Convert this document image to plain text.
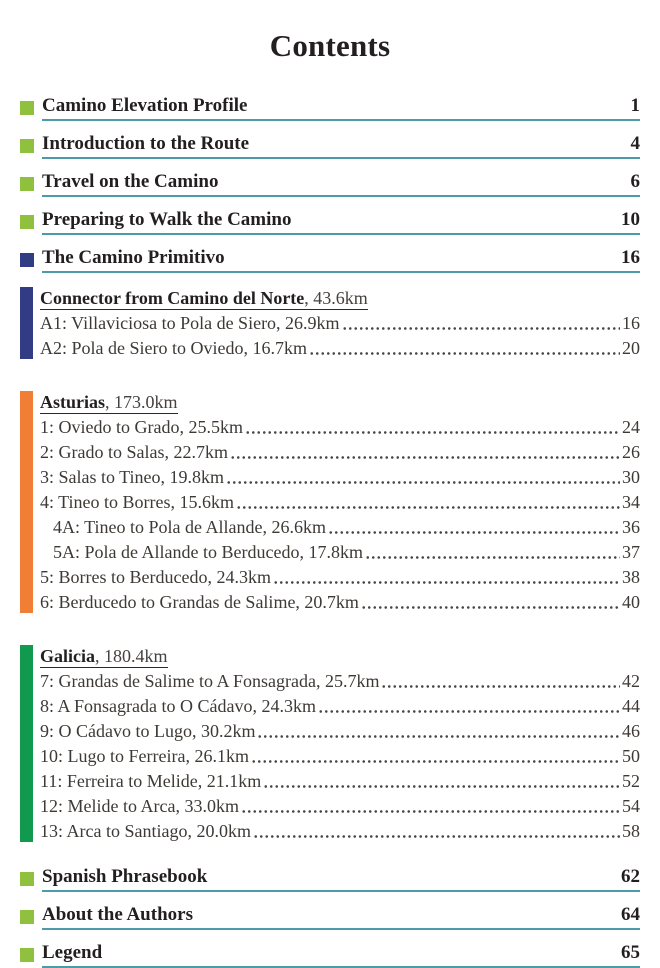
Contents
Camino Elevation Profile	1
Introduction to the Route	4
Travel on the Camino	6
Preparing to Walk the Camino	10
The Camino Primitivo	16
Connector from Camino del Norte, 43.6km
A1: Villaviciosa to Pola de Siero, 26.9km	16
A2: Pola de Siero to Oviedo, 16.7km	20
Asturias, 173.0km
1: Oviedo to Grado, 25.5km	24
2: Grado to Salas, 22.7km	26
3: Salas to Tineo, 19.8km	30
4: Tineo to Borres, 15.6km	34
4A: Tineo to Pola de Allande, 26.6km	36
5A: Pola de Allande to Berducedo, 17.8km	37
5: Borres to Berducedo, 24.3km	38
6: Berducedo to Grandas de Salime, 20.7km	40
Galicia, 180.4km
7: Grandas de Salime to A Fonsagrada, 25.7km	42
8: A Fonsagrada to O Cádavo, 24.3km	44
9: O Cádavo to Lugo, 30.2km	46
10: Lugo to Ferreira, 26.1km	50
11: Ferreira to Melide, 21.1km	52
12: Melide to Arca, 33.0km	54
13: Arca to Santiago, 20.0km	58
Spanish Phrasebook	62
About the Authors	64
Legend	65
